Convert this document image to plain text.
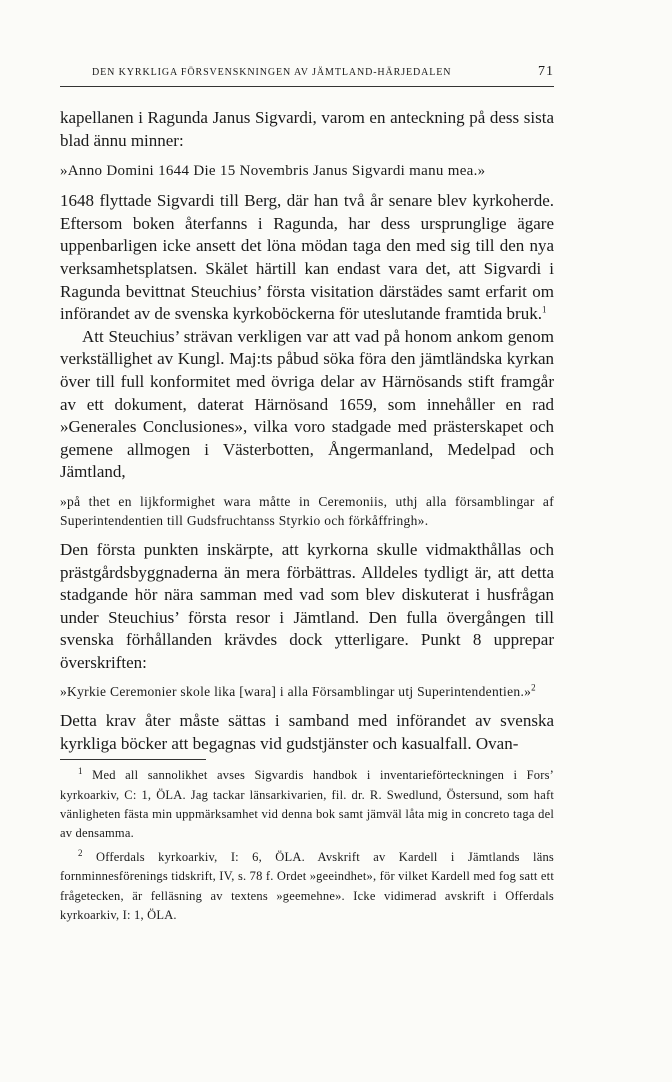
DEN KYRKLIGA FÖRSVENSKNINGEN AV JÄMTLAND-HÄRJEDALEN	71

kapellanen i Ragunda Janus Sigvardi, varom en anteckning på dess sista blad ännu minner:

»Anno Domini 1644 Die 15 Novembris Janus Sigvardi manu mea.»

1648 flyttade Sigvardi till Berg, där han två år senare blev kyrkoherde. Eftersom boken återfanns i Ragunda, har dess ursprunglige ägare uppenbarligen icke ansett det löna mödan taga den med sig till den nya verksamhetsplatsen. Skälet härtill kan endast vara det, att Sigvardi i Ragunda bevittnat Steuchius’ första visitation därstädes samt erfarit om införandet av de svenska kyrkoböckerna för uteslutande framtida bruk.$^1$

Att Steuchius’ strävan verkligen var att vad på honom ankom genom verkställighet av Kungl. Maj:ts påbud söka föra den jämtländska kyrkan över till full konformitet med övriga delar av Härnösands stift framgår av ett dokument, daterat Härnösand 1659, som innehåller en rad »Generales Conclusiones», vilka voro stadgade med prästerskapet och gemene allmogen i Västerbotten, Ångermanland, Medelpad och Jämtland,

»på thet en lijkformighet wara måtte in Ceremoniis, uthj alla församblingar af Superintendentien till Gudsfruchtanss Styrkio och förkåffringh».

Den första punkten inskärpte, att kyrkorna skulle vidmakthållas och prästgårdsbyggnaderna än mera förbättras. Alldeles tydligt är, att detta stadgande hör nära samman med vad som blev diskuterat i husfrågan under Steuchius’ första resor i Jämtland. Den fulla övergången till svenska förhållanden krävdes dock ytterligare. Punkt 8 upprepar överskriften:

»Kyrkie Ceremonier skole lika [wara] i alla Församblingar utj Superintendentien.»$^2$

Detta krav åter måste sättas i samband med införandet av svenska kyrkliga böcker att begagnas vid gudstjänster och kasualfall. Ovan-

$^1$ Med all sannolikhet avses Sigvardis handbok i inventarieförteckningen i Fors’ kyrkoarkiv, C: 1, ÖLA. Jag tackar länsarkivarien, fil. dr. R. Swedlund, Östersund, som haft vänligheten fästa min uppmärksamhet vid denna bok samt jämväl låta mig in concreto taga del av densamma.

$^2$ Offerdals kyrkoarkiv, I: 6, ÖLA. Avskrift av Kardell i Jämtlands läns fornminnesförenings tidskrift, IV, s. 78 f. Ordet »geeindhet», för vilket Kardell med fog satt ett frågetecken, är felläsning av textens »geemehne». Icke vidimerad avskrift i Offerdals kyrkoarkiv, I: 1, ÖLA.
